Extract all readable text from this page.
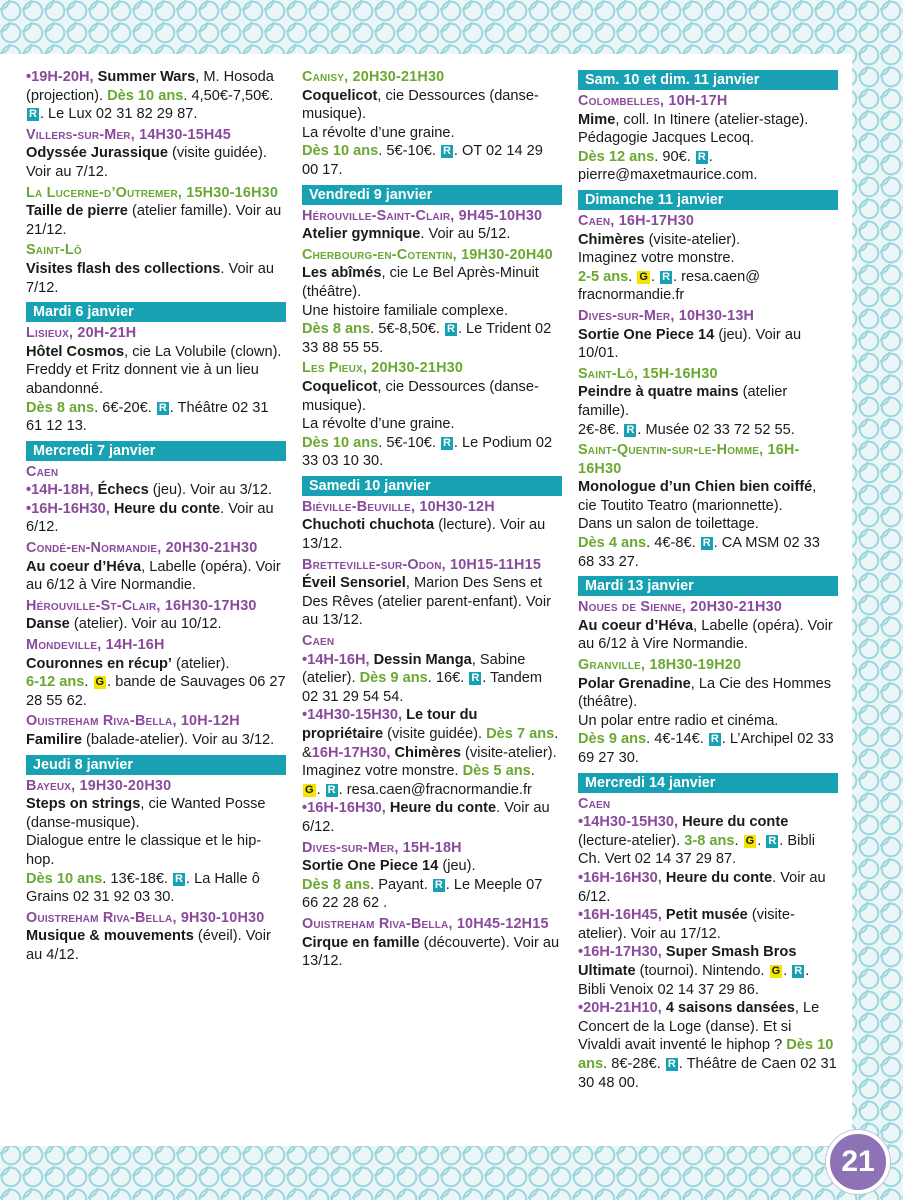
•19H-20H, Summer Wars, M. Hosoda (projection). Dès 10 ans. 4,50€-7,50€. R . Le Lux 02 31 82 29 87.
Villers-sur-Mer, 14H30-15H45
Odyssée Jurassique (visite guidée). Voir au 7/12.
La Lucerne-d’Outremer, 15H30-16H30
Taille de pierre (atelier famille). Voir au 21/12.
Saint-Lô
Visites flash des collections. Voir au 7/12.
Mardi 6 janvier
Lisieux, 20H-21H
Hôtel Cosmos, cie La Volubile (clown).
Freddy et Fritz donnent vie à un lieu abandonné.
Dès 8 ans. 6€-20€. R . Théâtre 02 31 61 12 13.
Mercredi 7 janvier
Caen
•14H-18H, Échecs (jeu). Voir au 3/12.
•16H-16H30, Heure du conte. Voir au 6/12.
Condé-en-Normandie, 20H30-21H30
Au coeur d’Héva, Labelle (opéra). Voir au 6/12 à Vire Normandie.
Hérouville-St-Clair, 16H30-17H30
Danse (atelier). Voir au 10/12.
Mondeville, 14H-16H
Couronnes en récup’ (atelier).
6-12 ans. G . bande de Sauvages 06 27 28 55 62.
Ouistreham Riva-Bella, 10H-12H
Familire (balade-atelier). Voir au 3/12.
Jeudi 8 janvier
Bayeux, 19H30-20H30
Steps on strings, cie Wanted Posse (danse-musique).
Dialogue entre le classique et le hip-hop.
Dès 10 ans. 13€-18€. R . La Halle ô Grains 02 31 92 03 30.
Ouistreham Riva-Bella, 9H30-10H30
Musique & mouvements (éveil). Voir au 4/12.
Canisy, 20H30-21H30
Coquelicot, cie Dessources (danse-musique).
La révolte d’une graine.
Dès 10 ans. 5€-10€. R . OT 02 14 29 00 17.
Vendredi 9 janvier
Hérouville-Saint-Clair, 9H45-10H30
Atelier gymnique. Voir au 5/12.
Cherbourg-en-Cotentin, 19H30-20H40
Les abîmés, cie Le Bel Après-Minuit (théâtre).
Une histoire familiale complexe.
Dès 8 ans. 5€-8,50€. R . Le Trident 02 33 88 55 55.
Les Pieux, 20H30-21H30
Coquelicot, cie Dessources (danse-musique).
La révolte d’une graine.
Dès 10 ans. 5€-10€. R . Le Podium 02 33 03 10 30.
Samedi 10 janvier
Biéville-Beuville, 10H30-12H
Chuchoti chuchota (lecture). Voir au 13/12.
Bretteville-sur-Odon, 10H15-11H15
Éveil Sensoriel, Marion Des Sens et Des Rêves (atelier parent-enfant). Voir au 13/12.
Caen
•14H-16H, Dessin Manga, Sabine (atelier). Dès 9 ans. 16€. R . Tandem 02 31 29 54 54.
•14H30-15H30, Le tour du propriétaire (visite guidée). Dès 7 ans.
&16H-17H30, Chimères (visite-atelier). Imaginez votre monstre. Dès 5 ans.
G . R . resa.caen@fracnormandie.fr
•16H-16H30, Heure du conte. Voir au 6/12.
Dives-sur-Mer, 15H-18H
Sortie One Piece 14 (jeu).
Dès 8 ans. Payant. R . Le Meeple 07 66 22 28 62 .
Ouistreham Riva-Bella, 10H45-12H15
Cirque en famille (découverte). Voir au 13/12.
Sam. 10 et dim. 11 janvier
Colombelles, 10H-17H
Mime, coll. In Itinere (atelier-stage). Pédagogie Jacques Lecoq.
Dès 12 ans. 90€. R . pierre@maxetmaurice.com.
Dimanche 11 janvier
Caen, 16H-17H30
Chimères (visite-atelier).
Imaginez votre monstre.
2-5 ans. G . R . resa.caen@ fracnormandie.fr
Dives-sur-Mer, 10H30-13H
Sortie One Piece 14 (jeu). Voir au 10/01.
Saint-Lô, 15H-16H30
Peindre à quatre mains (atelier famille).
2€-8€. R . Musée 02 33 72 52 55.
Saint-Quentin-sur-le-Homme, 16H-16H30
Monologue d’un Chien bien coiffé, cie Toutito Teatro (marionnette).
Dans un salon de toilettage.
Dès 4 ans. 4€-8€. R . CA MSM 02 33 68 33 27.
Mardi 13 janvier
Noues de Sienne, 20H30-21H30
Au coeur d’Héva, Labelle (opéra). Voir au 6/12 à Vire Normandie.
Granville, 18H30-19H20
Polar Grenadine, La Cie des Hommes (théâtre).
Un polar entre radio et cinéma.
Dès 9 ans. 4€-14€. R . L’Archipel 02 33 69 27 30.
Mercredi 14 janvier
Caen
•14H30-15H30, Heure du conte (lecture-atelier). 3-8 ans. G . R . Bibli Ch. Vert 02 14 37 29 87.
•16H-16H30, Heure du conte. Voir au 6/12.
•16H-16H45, Petit musée (visite-atelier). Voir au 17/12.
•16H-17H30, Super Smash Bros Ultimate (tournoi). Nintendo. G . R . Bibli Venoix 02 14 37 29 86.
•20H-21H10, 4 saisons dansées, Le Concert de la Loge (danse). Et si Vivaldi avait inventé le hiphop ? Dès 10 ans. 8€-28€. R . Théâtre de Caen 02 31 30 48 00.
21
